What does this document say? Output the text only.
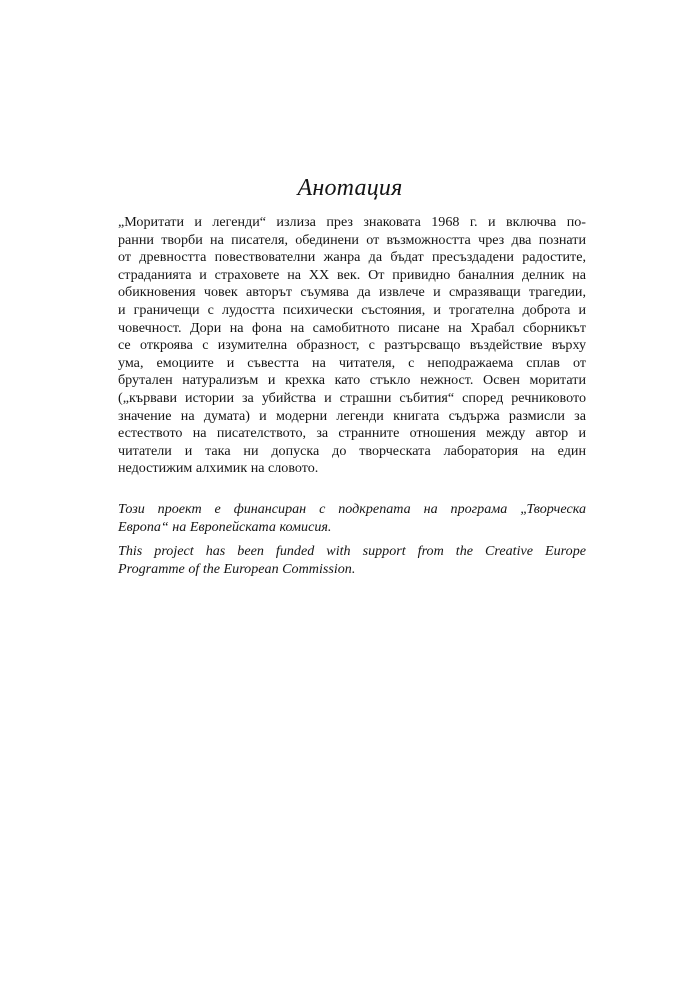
Анотация

„Моритати и легенди“ излиза през знаковата 1968 г. и включва по-
ранни творби на писателя, обединени от възможността чрез два познати
от древността повествователни жанра да бъдат пресъздадени радостите,
страданията и страховете на ХХ век. От привидно баналния делник на
обикновения човек авторът съумява да извлече и смразяващи трагедии,
и граничещи с лудостта психически състояния, и трогателна доброта и
човечност. Дори на фона на самобитното писане на Храбал сборникът
се откроява с изумителна образност, с разтърсващо въздействие върху
ума, емоциите и съвестта на читателя, с неподражаема сплав от
брутален натурализъм и крехка като стъкло нежност. Освен моритати
(„кървави истории за убийства и страшни събития“ според речниковото
значение на думата) и модерни легенди книгата съдържа размисли за
естеството на писателството, за странните отношения между автор и
читатели и така ни допуска до творческата лаборатория на един
недостижим алхимик на словото.

Този проект е финансиран с подкрепата на програма „Творческа
Европа“ на Европейската комисия.

This project has been funded with support from the Creative Europe
Programme of the European Commission.
